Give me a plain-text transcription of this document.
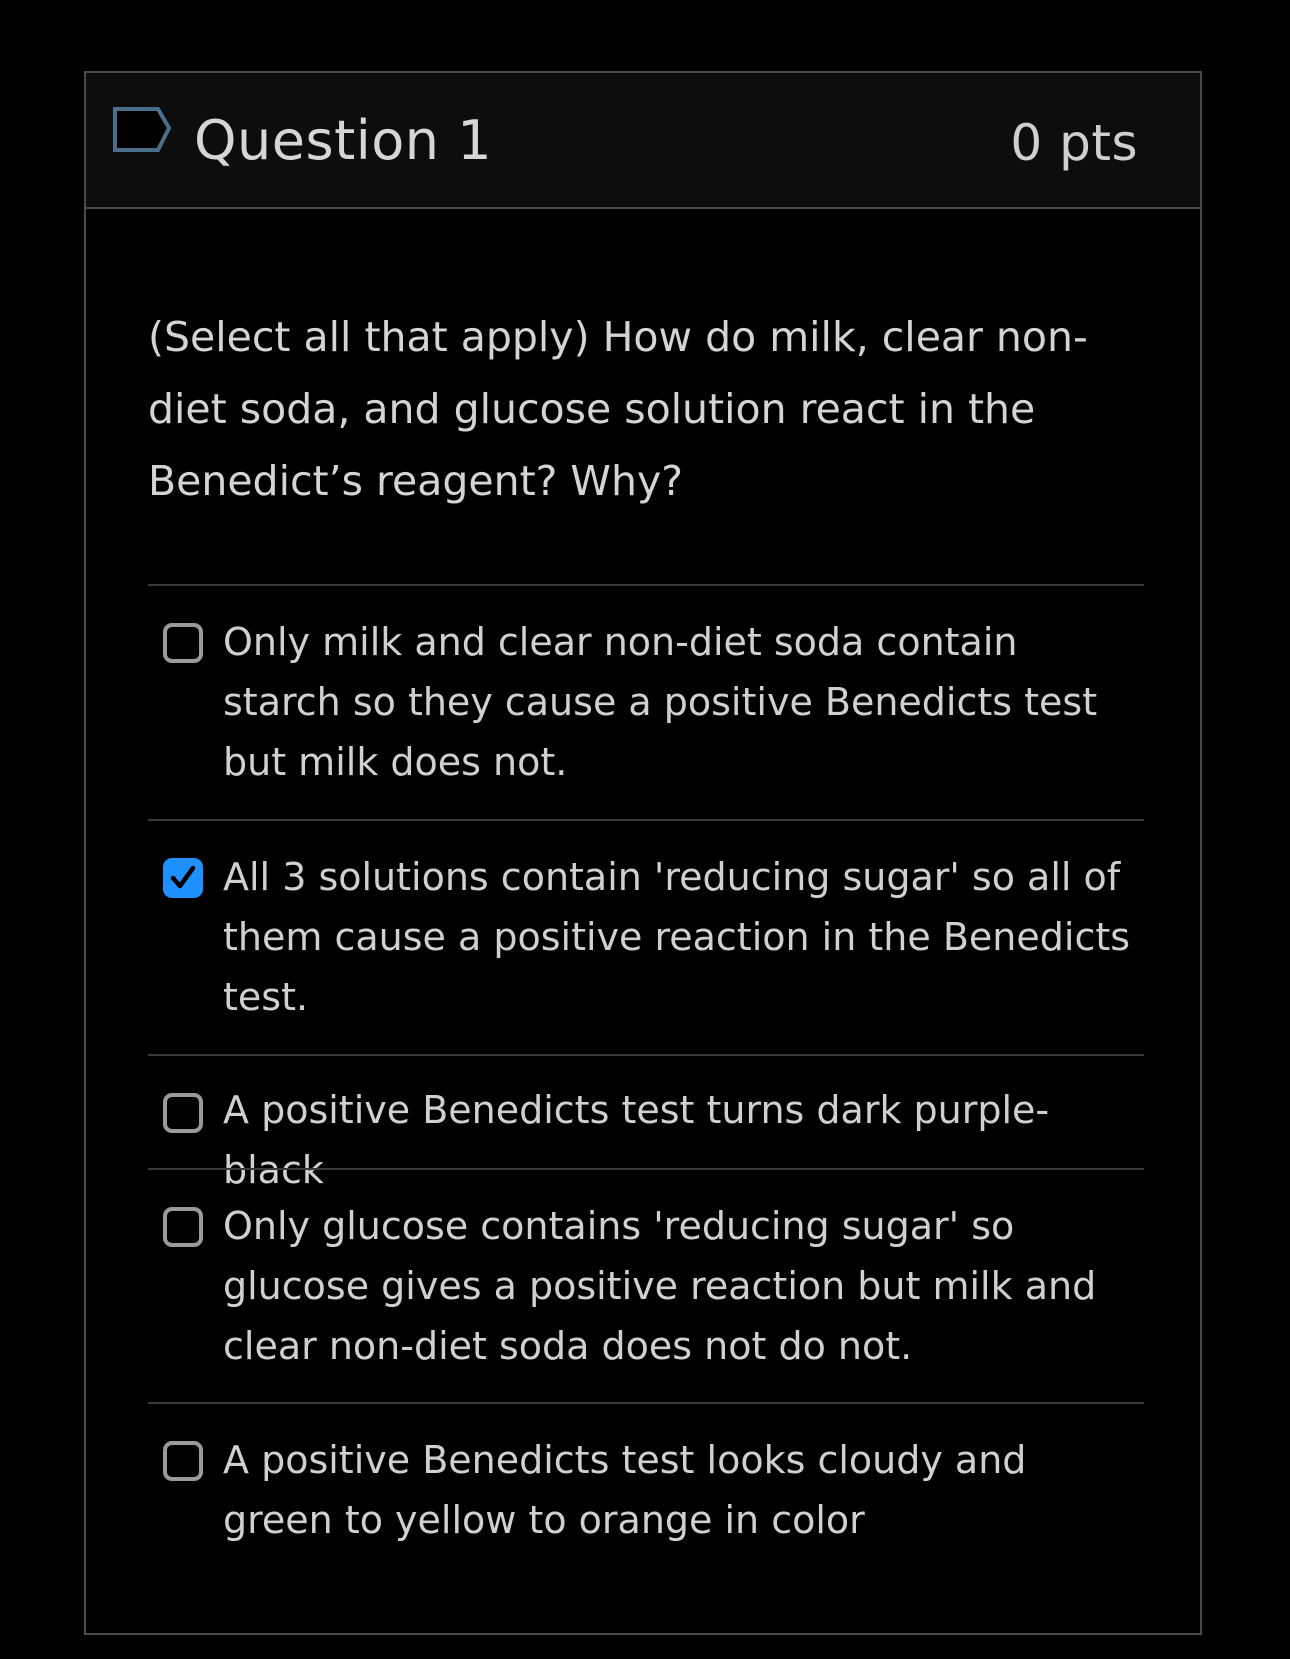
Question 1	0 pts
(Select all that apply) How do milk, clear non-diet soda, and glucose solution react in the Benedict’s reagent? Why?
Only milk and clear non-diet soda contain starch so they cause a positive Benedicts test but milk does not.
All 3 solutions contain 'reducing sugar' so all of them cause a positive reaction in the Benedicts test.
A positive Benedicts test turns dark purple-black
Only glucose contains 'reducing sugar' so glucose gives a positive reaction but milk and clear non-diet soda does not do not.
A positive Benedicts test looks cloudy and green to yellow to orange in color
